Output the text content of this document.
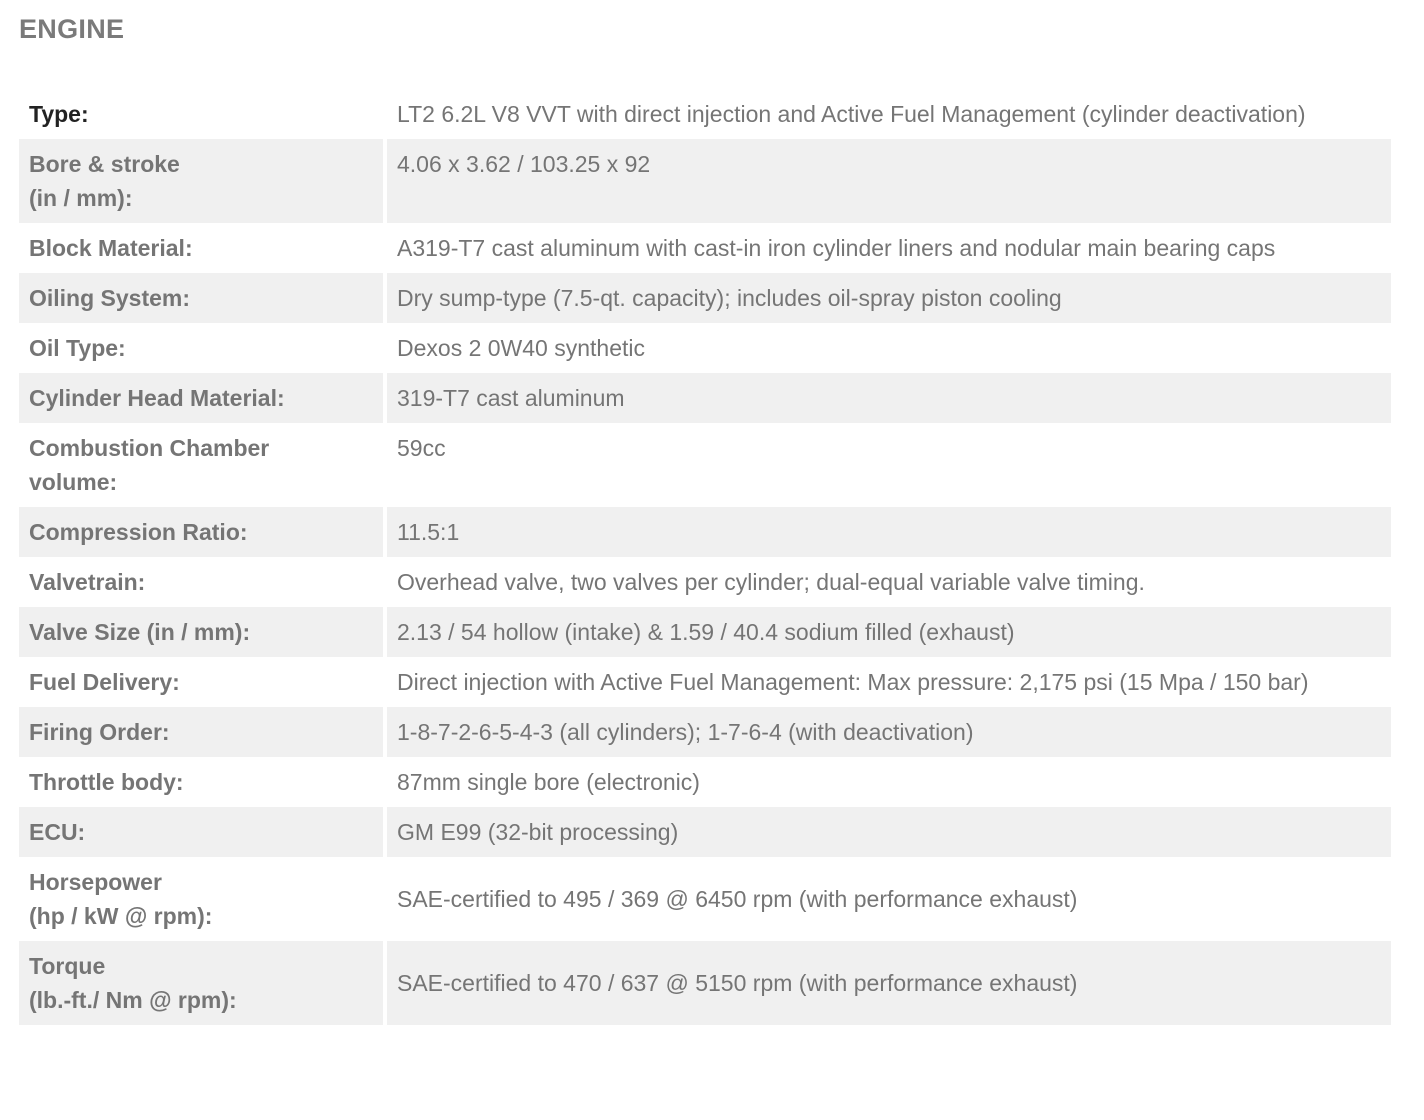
ENGINE
Type:	LT2 6.2L V8 VVT with direct injection and Active Fuel Management (cylinder deactivation)
Bore & stroke
(in / mm):	4.06 x 3.62 / 103.25 x 92
Block Material:	A319-T7 cast aluminum with cast-in iron cylinder liners and nodular main bearing caps
Oiling System:	Dry sump-type (7.5-qt. capacity); includes oil-spray piston cooling
Oil Type:	Dexos 2 0W40 synthetic
Cylinder Head Material:	319-T7 cast aluminum
Combustion Chamber
volume:	59cc
Compression Ratio:	11.5:1
Valvetrain:	Overhead valve, two valves per cylinder; dual-equal variable valve timing.
Valve Size (in / mm):	2.13 / 54 hollow (intake) & 1.59 / 40.4 sodium filled (exhaust)
Fuel Delivery:	Direct injection with Active Fuel Management: Max pressure: 2,175 psi (15 Mpa / 150 bar)
Firing Order:	1-8-7-2-6-5-4-3 (all cylinders); 1-7-6-4 (with deactivation)
Throttle body:	87mm single bore (electronic)
ECU:	GM E99 (32-bit processing)
Horsepower
(hp / kW @ rpm):	SAE-certified to 495 / 369 @ 6450 rpm (with performance exhaust)
Torque
(lb.-ft./ Nm @ rpm):	SAE-certified to 470 / 637 @ 5150 rpm (with performance exhaust)
